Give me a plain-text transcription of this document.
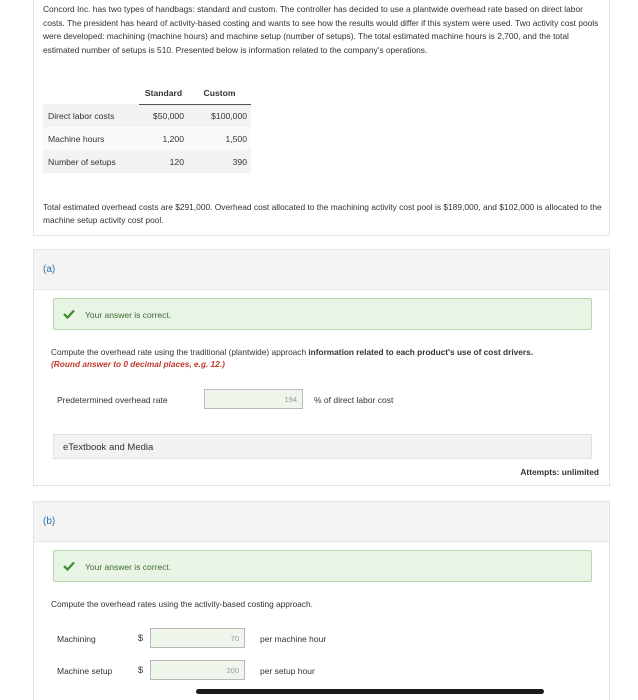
Concord Inc. has two types of handbags: standard and custom. The controller has decided to use a plantwide overhead rate based on direct labor costs. The president has heard of activity-based costing and wants to see how the results would differ if this system were used. Two activity cost pools were developed: machining (machine hours) and machine setup (number of setups). The total estimated machine hours is 2,700, and the total estimated number of setups is 510. Presented below is information related to the company's operations.

	Standard	Custom
Direct labor costs	$50,000	$100,000
Machine hours	1,200	1,500
Number of setups	120	390

Total estimated overhead costs are $291,000. Overhead cost allocated to the machining activity cost pool is $189,000, and $102,000 is allocated to the machine setup activity cost pool.

(a)
Your answer is correct.
Compute the overhead rate using the traditional (plantwide) approach information related to each product's use of cost drivers.
(Round answer to 0 decimal places, e.g. 12.)
Predetermined overhead rate	194	% of direct labor cost
eTextbook and Media
Attempts: unlimited
(b)
Your answer is correct.
Compute the overhead rates using the activity-based costing approach.
Machining	$	70	per machine hour
Machine setup	$	200	per setup hour
